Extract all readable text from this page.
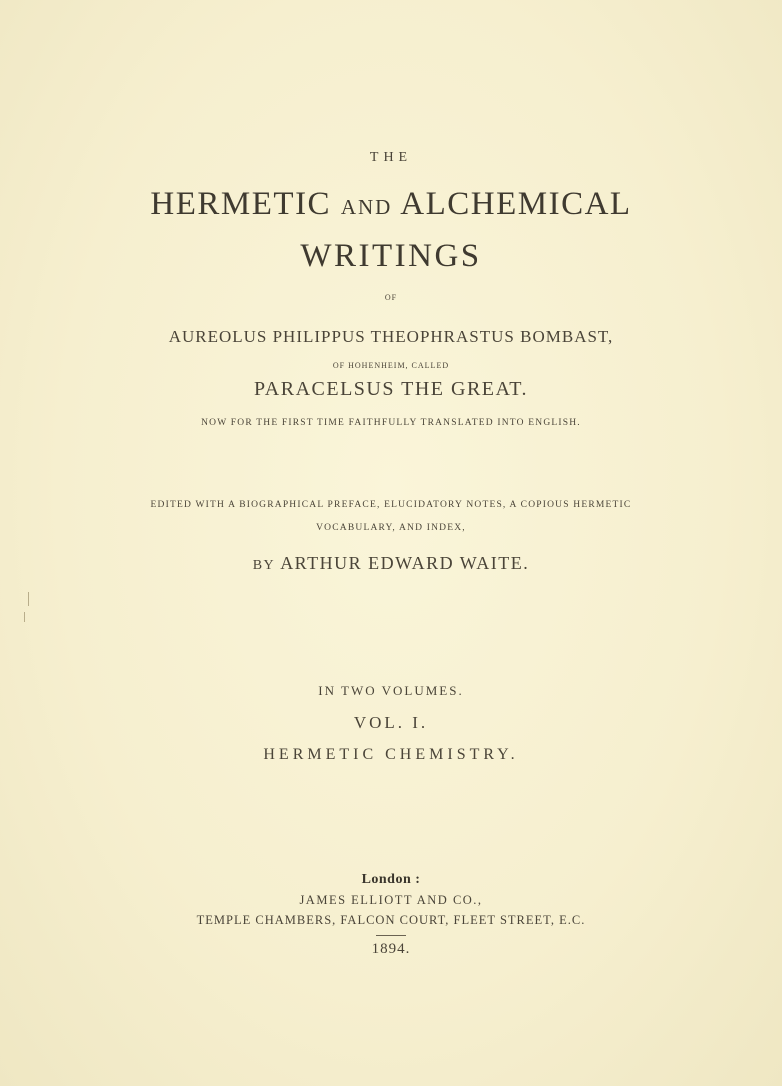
THE
HERMETIC AND ALCHEMICAL
WRITINGS
OF
AUREOLUS PHILIPPUS THEOPHRASTUS BOMBAST,
OF HOHENHEIM, CALLED
PARACELSUS THE GREAT.
NOW FOR THE FIRST TIME FAITHFULLY TRANSLATED INTO ENGLISH.
EDITED WITH A BIOGRAPHICAL PREFACE, ELUCIDATORY NOTES, A COPIOUS HERMETIC
VOCABULARY, AND INDEX,
BY ARTHUR EDWARD WAITE.
IN TWO VOLUMES.
VOL. I.
HERMETIC CHEMISTRY.
London :
JAMES ELLIOTT AND CO.,
TEMPLE CHAMBERS, FALCON COURT, FLEET STREET, E.C.
1894.
